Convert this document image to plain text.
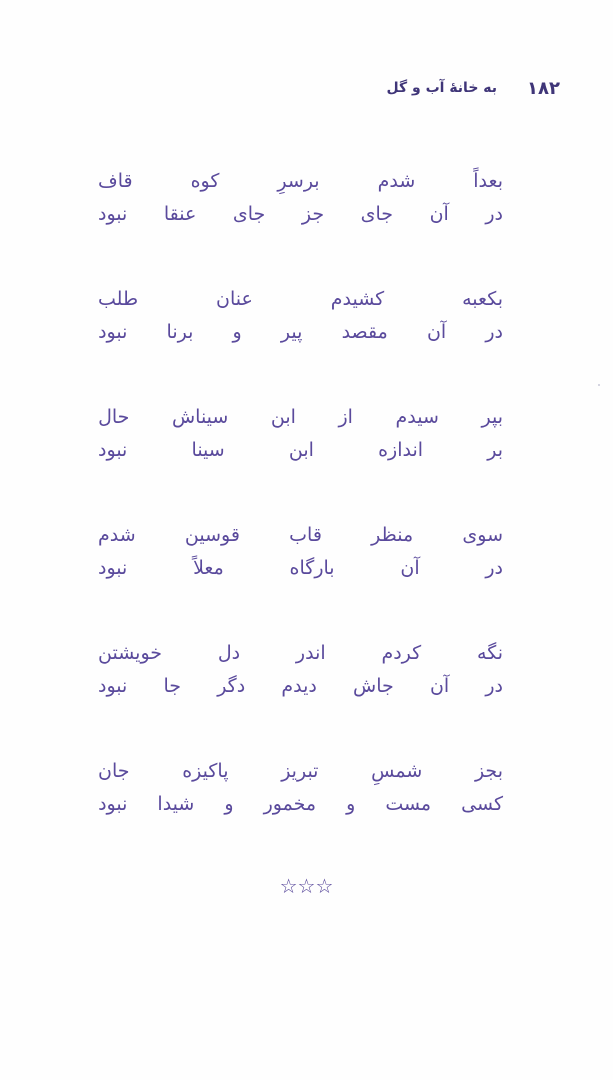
۱۸۲
به خانهٔ آب و گل
بعداً
شدم
برسرِ
کوه
قاف
در
آن
جای
جز
جای
عنقا
نبود
بکعبه
کشیدم
عنان
طلب
در
آن
مقصد
پیر
و
برنا
نبود
بپر
سیدم
از
ابن
سیناش
حال
بر
اندازه
ابن
سینا
نبود
سوی
منظر
قاب
قوسین
شدم
در
آن
بارگاه
معلاً
نبود
نگه
کردم
اندر
دل
خویشتن
در
آن
جاش
دیدم
دگر
جا
نبود
بجز
شمسِ
تبریز
پاکیزه
جان
کسی
مست
و
مخمور
و
شیدا
نبود
☆☆☆
